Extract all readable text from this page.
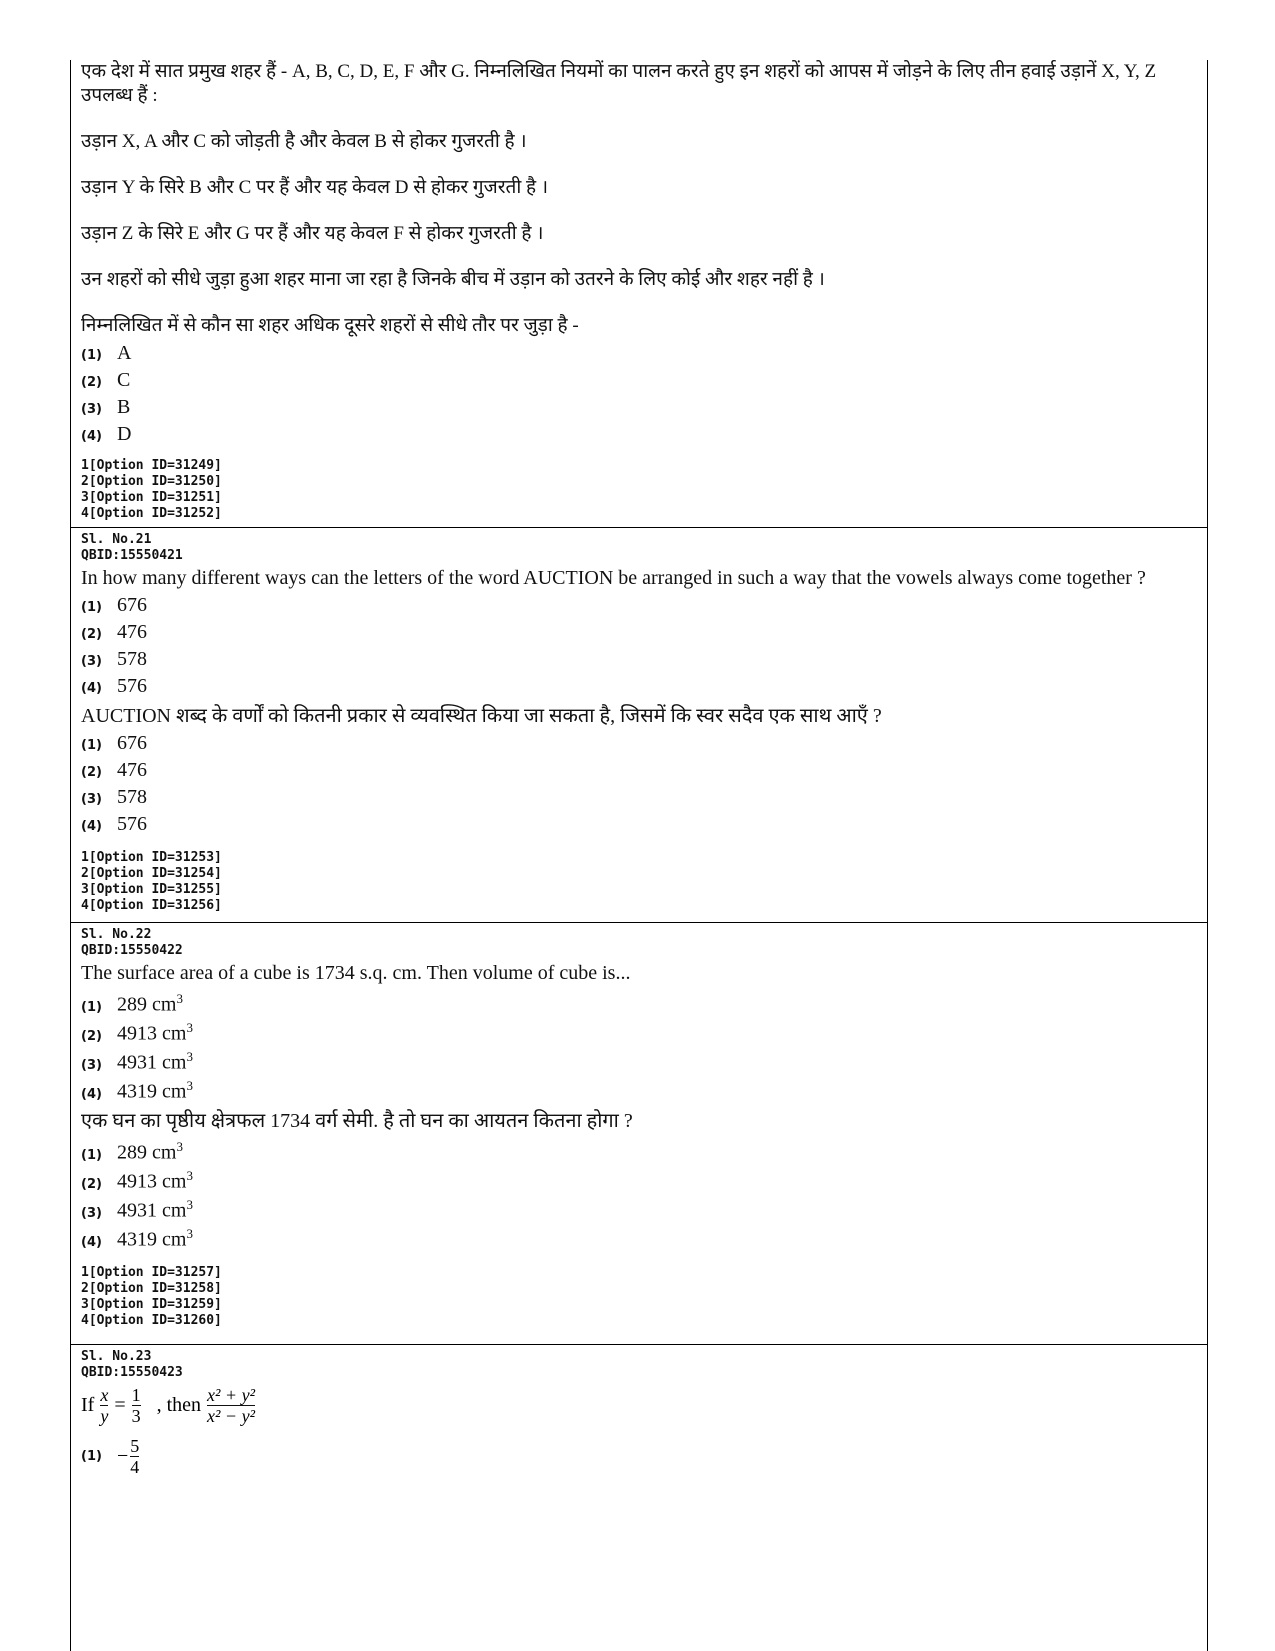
एक देश में सात प्रमुख शहर हैं - A, B, C, D, E, F और G. निम्नलिखित नियमों का पालन करते हुए इन शहरों को आपस में जोड़ने के लिए तीन हवाई उड़ानें X, Y, Z
उपलब्ध हैं :
उड़ान X, A और C को जोड़ती है और केवल B से होकर गुजरती है ।
उड़ान Y के सिरे B और C पर हैं और यह केवल D से होकर गुजरती है ।
उड़ान Z के सिरे E और G पर हैं और यह केवल F से होकर गुजरती है ।
उन शहरों को सीधे जुड़ा हुआ शहर माना जा रहा है जिनके बीच में उड़ान को उतरने के लिए कोई और शहर नहीं है ।
निम्नलिखित में से कौन सा शहर अधिक दूसरे शहरों से सीधे तौर पर जुड़ा है -
(1) A
(2) C
(3) B
(4) D
1[Option ID=31249]
2[Option ID=31250]
3[Option ID=31251]
4[Option ID=31252]
Sl. No.21
QBID:15550421
In how many different ways can the letters of the word AUCTION be arranged in such a way that the vowels always come together ?
(1) 676
(2) 476
(3) 578
(4) 576
AUCTION शब्द के वर्णों को कितनी प्रकार से व्यवस्थित किया जा सकता है, जिसमें कि स्वर सदैव एक साथ आएँ ?
(1) 676
(2) 476
(3) 578
(4) 576
1[Option ID=31253]
2[Option ID=31254]
3[Option ID=31255]
4[Option ID=31256]
Sl. No.22
QBID:15550422
The surface area of a cube is 1734 s.q. cm. Then volume of cube is...
(1) 289 $cm^3$
(2) 4913 $cm^3$
(3) 4931 $cm^3$
(4) 4319 $cm^3$
एक घन का पृष्ठीय क्षेत्रफल 1734 वर्ग सेमी. है तो घन का आयतन कितना होगा ?
(1) 289 $cm^3$
(2) 4913 $cm^3$
(3) 4931 $cm^3$
(4) 4319 $cm^3$
1[Option ID=31257]
2[Option ID=31258]
3[Option ID=31259]
4[Option ID=31260]
Sl. No.23
QBID:15550423
If $\frac{x}{y} = \frac{1}{3}$ , then $\frac{\text{x² + y²}}{\text{x² − y²}}$
$(1) - \frac{5}{4}$
